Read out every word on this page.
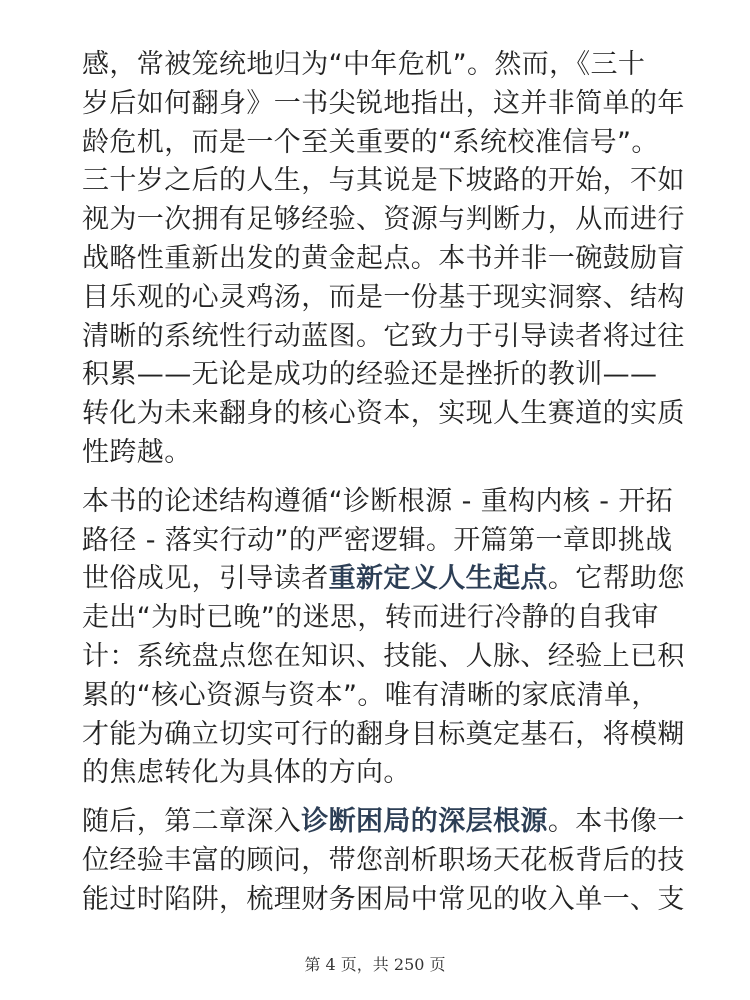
感，常被笼统地归为“中年危机”。然而，《三十
岁后如何翻身》一书尖锐地指出，这并非简单的年
龄危机，而是一个至关重要的“系统校准信号”。
三十岁之后的人生，与其说是下坡路的开始，不如
视为一次拥有足够经验、资源与判断力，从而进行
战略性重新出发的黄金起点。本书并非一碗鼓励盲
目乐观的心灵鸡汤，而是一份基于现实洞察、结构
清晰的系统性行动蓝图。它致力于引导读者将过往
积累——无论是成功的经验还是挫折的教训——
转化为未来翻身的核心资本，实现人生赛道的实质
性跨越。
本书的论述结构遵循“诊断根源 - 重构内核 - 开拓
路径 - 落实行动”的严密逻辑。开篇第一章即挑战
世俗成见，引导读者重新定义人生起点。它帮助您
走出“为时已晚”的迷思，转而进行冷静的自我审
计：系统盘点您在知识、技能、人脉、经验上已积
累的“核心资源与资本”。唯有清晰的家底清单，
才能为确立切实可行的翻身目标奠定基石，将模糊
的焦虑转化为具体的方向。
随后，第二章深入诊断困局的深层根源。本书像一
位经验丰富的顾问，带您剖析职场天花板背后的技
能过时陷阱，梳理财务困局中常见的收入单一、支
第 4 页，共 250 页
